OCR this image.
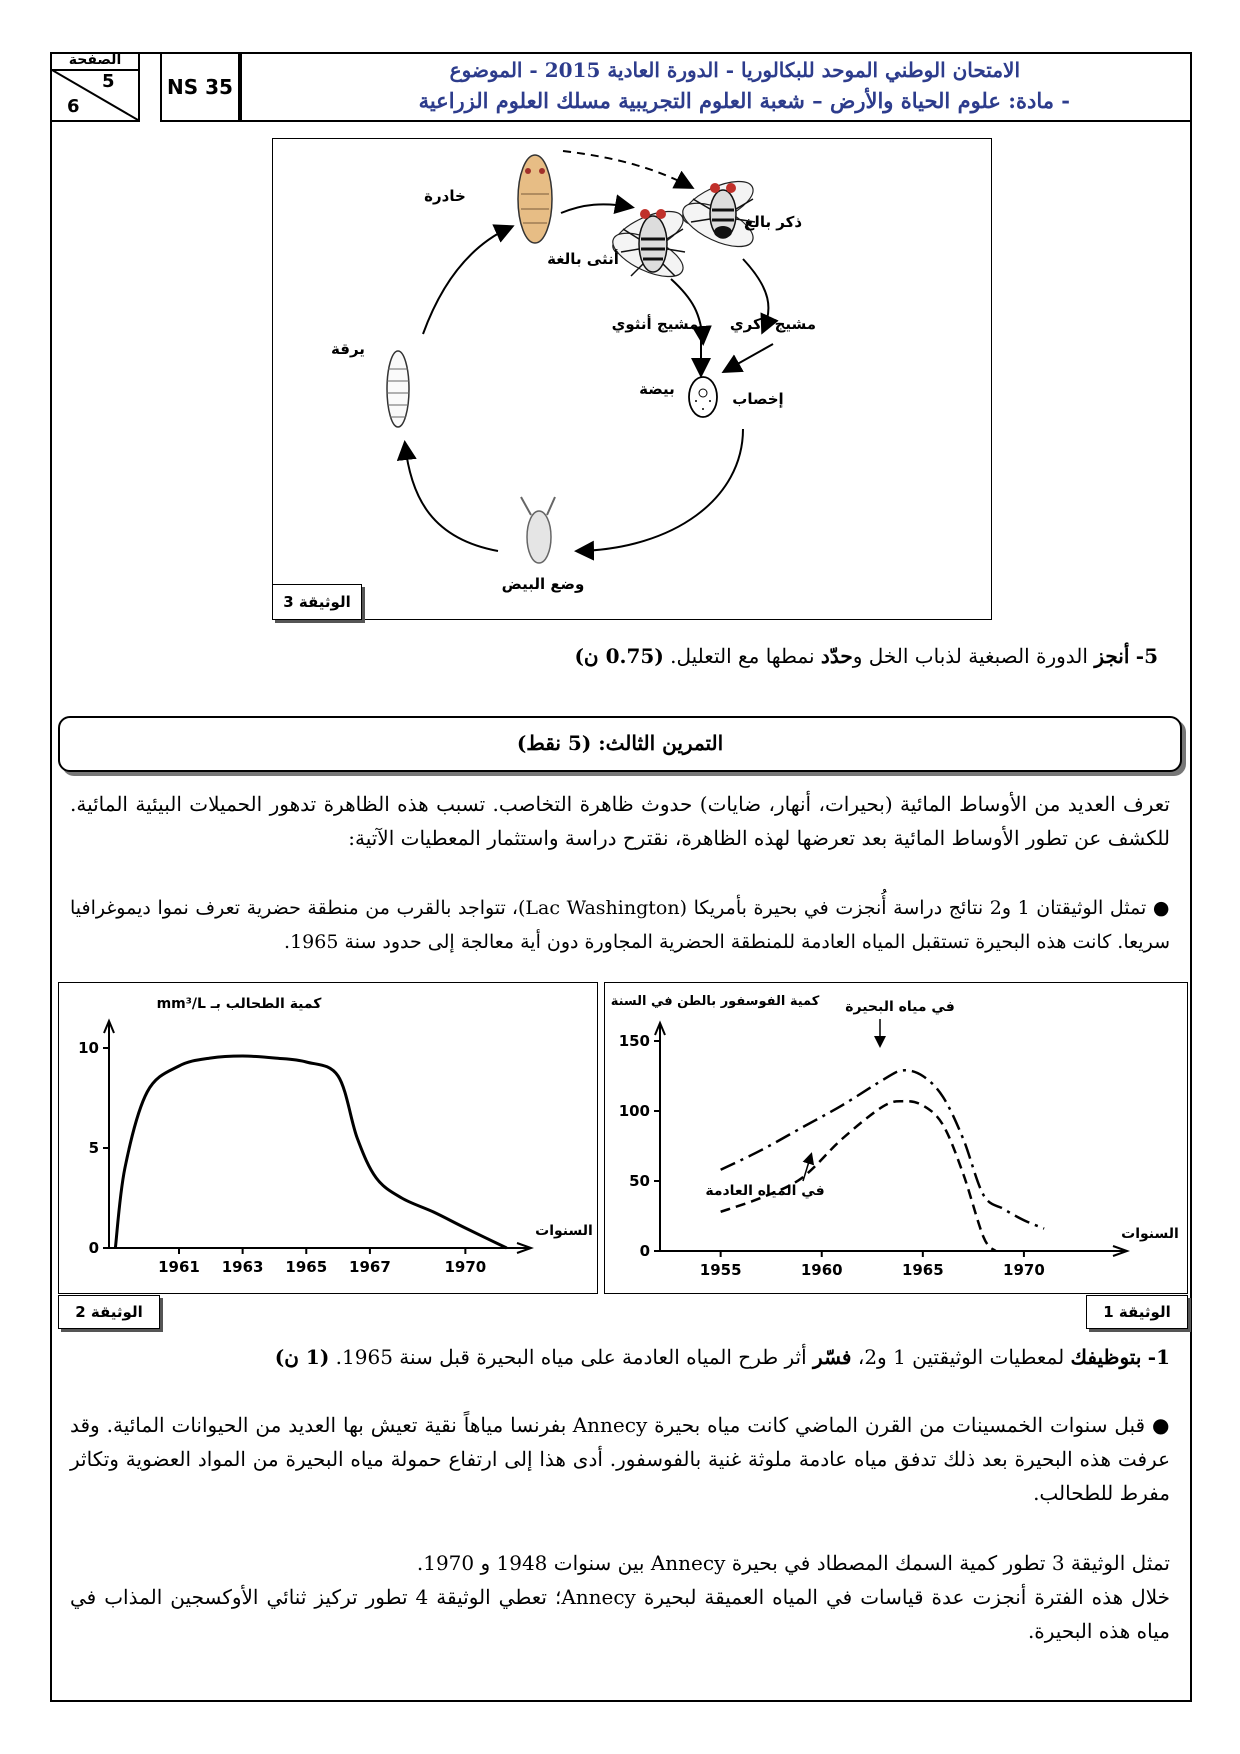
الصفحة
5
6
NS 35
الامتحان الوطني الموحد للبكالوريا - الدورة العادية 2015 - الموضوع
- مادة: علوم الحياة والأرض – شعبة العلوم التجريبية مسلك العلوم الزراعية
خادرة
ذكر بالغ
أنثى بالغة
مشيج أنثوي مشيج ذكري
يرقة
بيضة
إخصاب
وضع البيض
الوثيقة 3
5- أنجز الدورة الصبغية لذباب الخل وحدّد نمطها مع التعليل. (0.75 ن)
التمرين الثالث: (5 نقط)
تعرف العديد من الأوساط المائية (بحيرات، أنهار، ضايات) حدوث ظاهرة التخاصب. تسبب هذه الظاهرة تدهور الحميلات البيئية المائية. للكشف عن تطور الأوساط المائية بعد تعرضها لهذه الظاهرة، نقترح دراسة واستثمار المعطيات الآتية:
● تمثل الوثيقتان 1 و2 نتائج دراسة أُنجزت في بحيرة بأمريكا (Lac Washington)، تتواجد بالقرب من منطقة حضرية تعرف نموا ديموغرافيا سريعا. كانت هذه البحيرة تستقبل المياه العادمة للمنطقة الحضرية المجاورة دون أية معالجة إلى حدود سنة 1965.
كمية الطحالب بـ mm³/L
السنوات
1961 1963 1965 1967	1970
0
5
10
الوثيقة 2
كمية الفوسفور بالطن في السنة
السنوات
1955	1960	1965	1970
0
50
100
150
في مياه البحيرة
في المياه العادمة
الوثيقة 1
1- بتوظيفك لمعطيات الوثيقتين 1 و2، فسّر أثر طرح المياه العادمة على مياه البحيرة قبل سنة 1965. (1 ن)
● قبل سنوات الخمسينات من القرن الماضي كانت مياه بحيرة Annecy بفرنسا مياهاً نقية تعيش بها العديد من الحيوانات المائية. وقد عرفت هذه البحيرة بعد ذلك تدفق مياه عادمة ملوثة غنية بالفوسفور. أدى هذا إلى ارتفاع حمولة مياه البحيرة من المواد العضوية وتكاثر مفرط للطحالب.
تمثل الوثيقة 3 تطور كمية السمك المصطاد في بحيرة Annecy بين سنوات 1948 و 1970.
خلال هذه الفترة أنجزت عدة قياسات في المياه العميقة لبحيرة Annecy؛ تعطي الوثيقة 4 تطور تركيز ثنائي الأوكسجين المذاب في مياه هذه البحيرة.
